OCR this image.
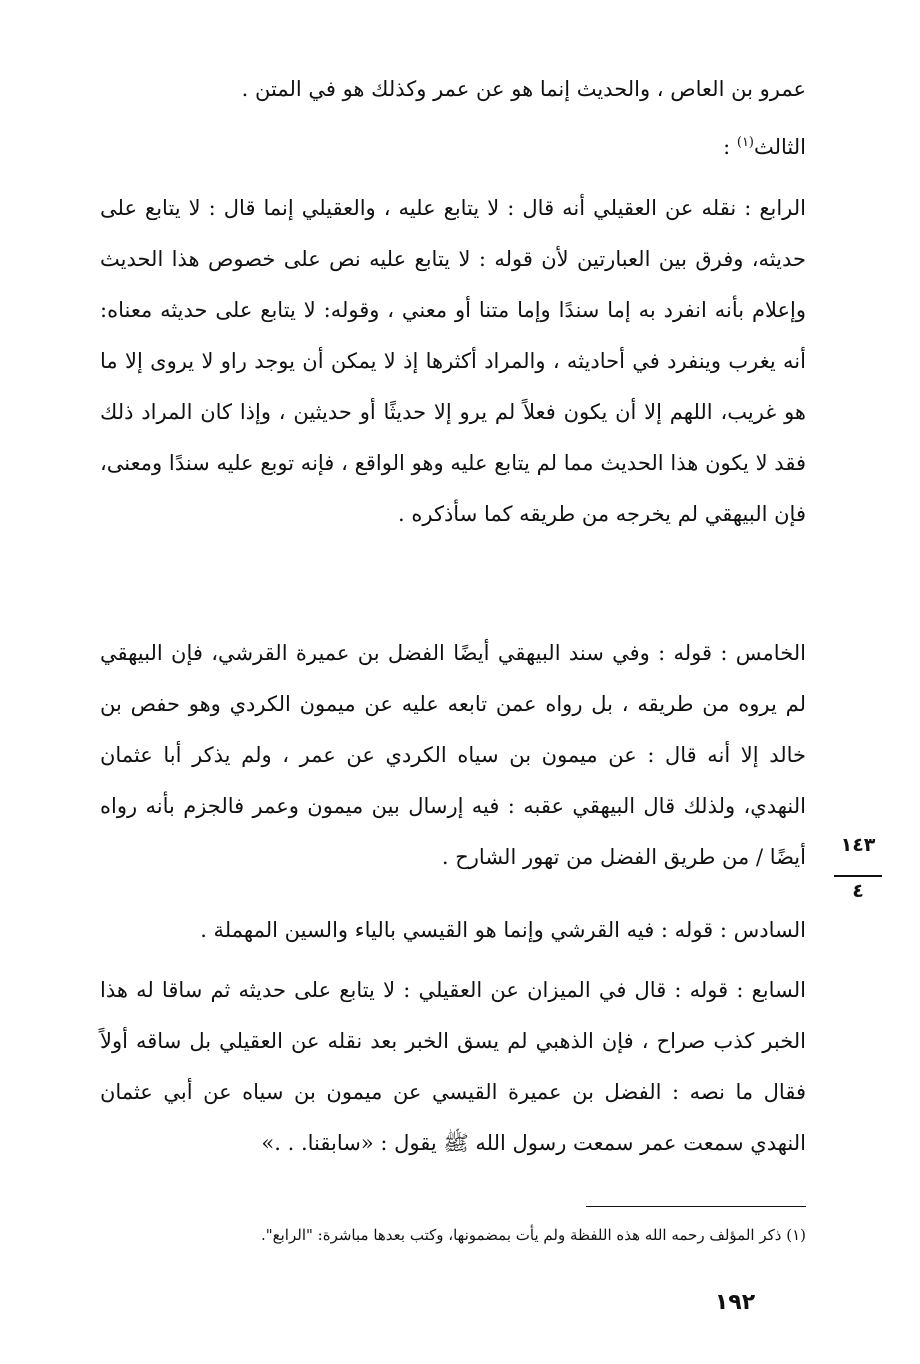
عمرو بن العاص ، والحديث إنما هو عن عمر وكذلك هو في المتن .

الثالث$^{(١)}$ :

الرابع : نقله عن العقيلي أنه قال : لا يتابع عليه ، والعقيلي إنما قال : لا يتابع على حديثه، وفرق بين العبارتين لأن قوله : لا يتابع عليه نص على خصوص هذا الحديث وإعلام بأنه انفرد به إما سندًا وإما متنا أو معني ، وقوله: لا يتابع على حديثه معناه: أنه يغرب وينفرد في أحاديثه ، والمراد أكثرها إذ لا يمكن أن يوجد راو لا يروى إلا ما هو غريب، اللهم إلا أن يكون فعلاً لم يرو إلا حديثًا أو حديثين ، وإذا كان المراد ذلك فقد لا يكون هذا الحديث مما لم يتابع عليه وهو الواقع ، فإنه توبع عليه سندًا ومعنى، فإن البيهقي لم يخرجه من طريقه كما سأذكره .

الخامس : قوله : وفي سند البيهقي أيضًا الفضل بن عميرة القرشي، فإن البيهقي لم يروه من طريقه ، بل رواه عمن تابعه عليه عن ميمون الكردي وهو حفص بن خالد إلا أنه قال : عن ميمون بن سياه الكردي عن عمر ، ولم يذكر أبا عثمان النهدي، ولذلك قال البيهقي عقبه : فيه إرسال بين ميمون وعمر فالجزم بأنه رواه أيضًا / من طريق الفضل من تهور الشارح .

السادس : قوله : فيه القرشي وإنما هو القيسي بالياء والسين المهملة .

السابع : قوله : قال في الميزان عن العقيلي : لا يتابع على حديثه ثم ساقا له هذا الخبر كذب صراح ، فإن الذهبي لم يسق الخبر بعد نقله عن العقيلي بل ساقه أولاً فقال ما نصه : الفضل بن عميرة القيسي عن ميمون بن سياه عن أبي عثمان النهدي سمعت عمر سمعت رسول الله ﷺ يقول : «سابقنا. . .»

١٤٣
٤
(١) ذكر المؤلف رحمه الله هذه اللفظة ولم يأت بمضمونها، وكتب بعدها مباشرة: "الرابع".
١٩٢
